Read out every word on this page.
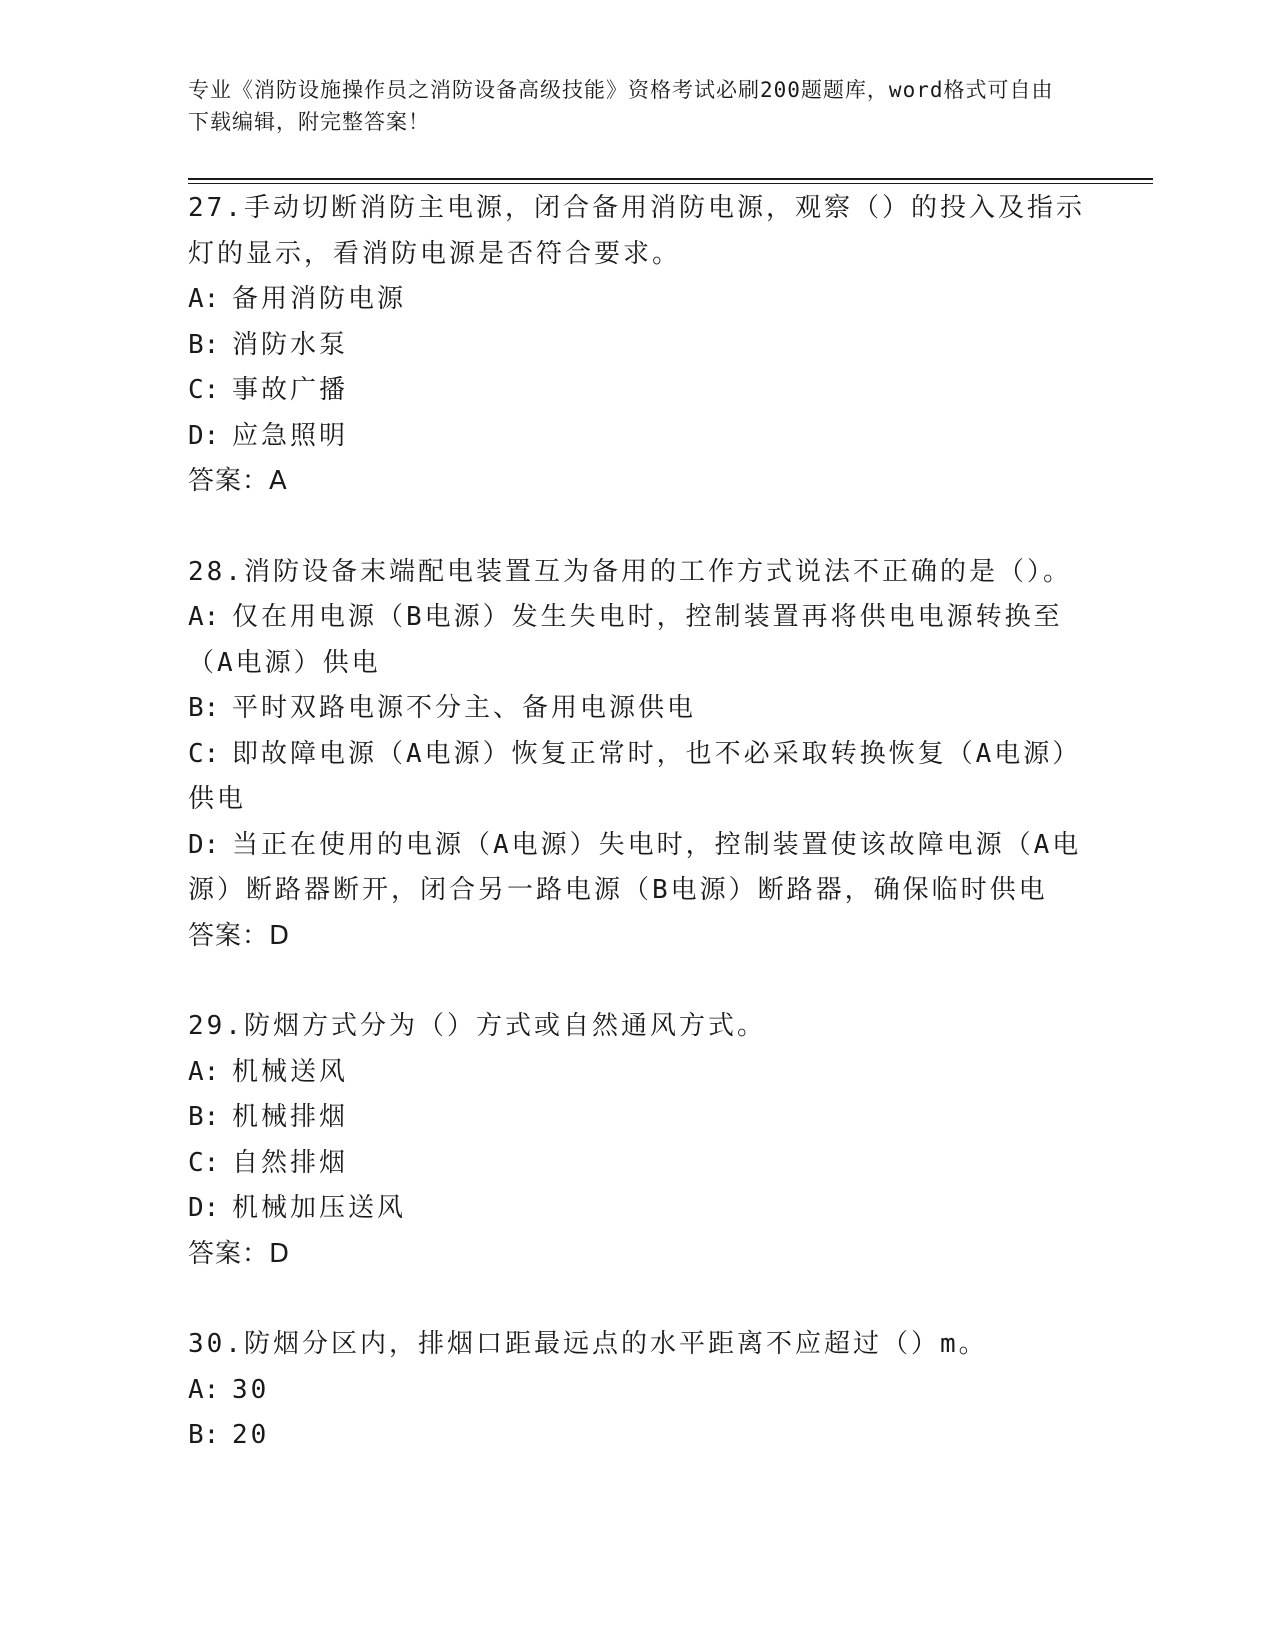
专业《消防设施操作员之消防设备高级技能》资格考试必刷200题题库，word格式可自由下载编辑，附完整答案！

27.手动切断消防主电源，闭合备用消防电源，观察（）的投入及指示灯的显示，看消防电源是否符合要求。

A: 备用消防电源

B: 消防水泵

C: 事故广播

D: 应急照明

答案：A

28.消防设备末端配电装置互为备用的工作方式说法不正确的是（）。

A: 仅在用电源（B电源）发生失电时，控制装置再将供电电源转换至（A电源）供电

B: 平时双路电源不分主、备用电源供电

C: 即故障电源（A电源）恢复正常时，也不必采取转换恢复（A电源）供电

D: 当正在使用的电源（A电源）失电时，控制装置使该故障电源（A电源）断路器断开，闭合另一路电源（B电源）断路器，确保临时供电

答案：D

29.防烟方式分为（）方式或自然通风方式。

A: 机械送风

B: 机械排烟

C: 自然排烟

D: 机械加压送风

答案：D

30.防烟分区内，排烟口距最远点的水平距离不应超过（）m。

A: 30

B: 20
